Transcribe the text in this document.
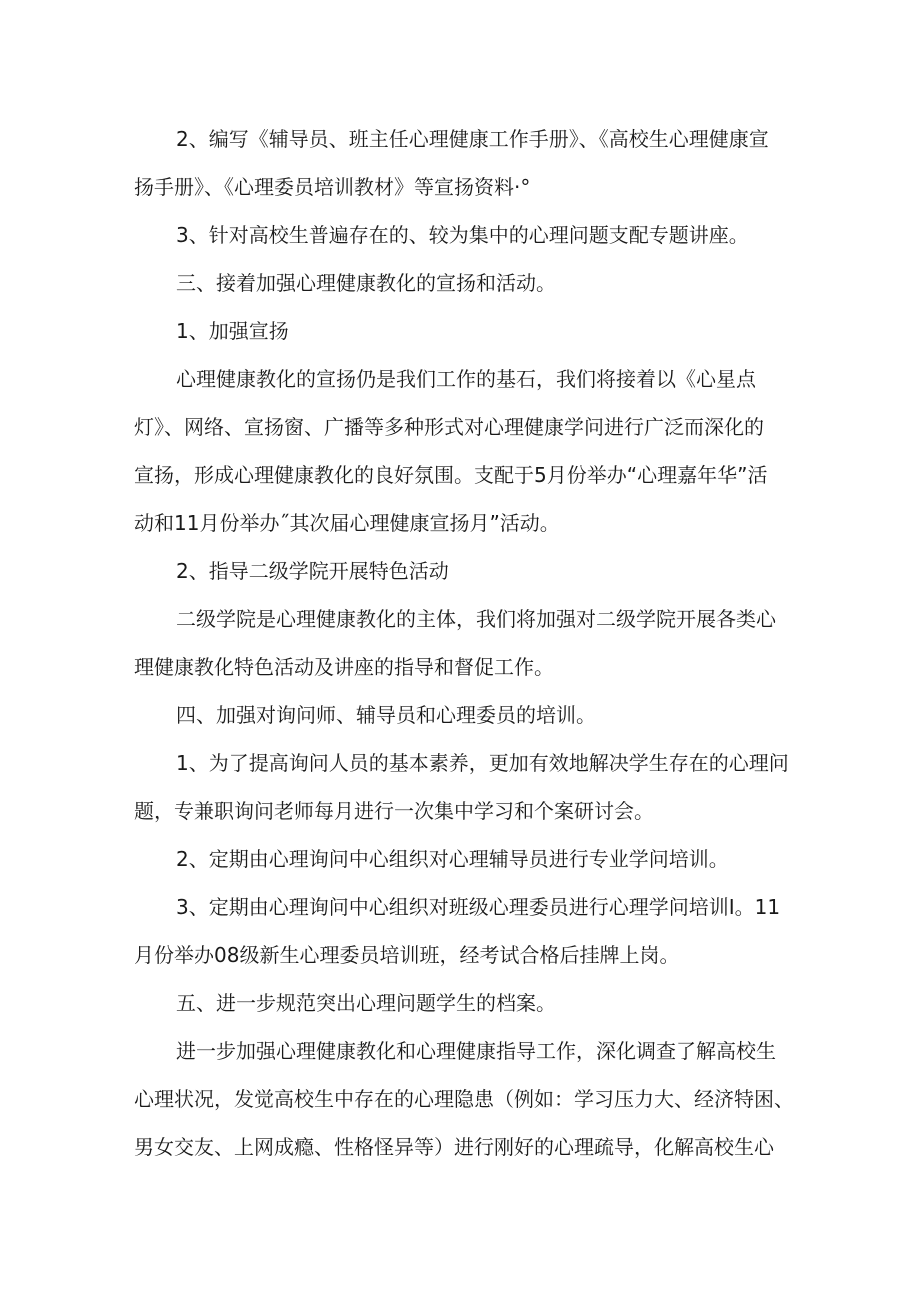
2、编写《辅导员、班主任心理健康工作手册》、《高校生心理健康宣
扬手册》、《心理委员培训教材》等宣扬资料·°
3、针对高校生普遍存在的、较为集中的心理问题支配专题讲座。
三、接着加强心理健康教化的宣扬和活动。
1、加强宣扬
心理健康教化的宣扬仍是我们工作的基石，我们将接着以《心星点
灯》、网络、宣扬窗、广播等多种形式对心理健康学问进行广泛而深化的
宣扬，形成心理健康教化的良好氛围。支配于5月份举办“心理嘉年华”活
动和11月份举办˝其次届心理健康宣扬月”活动。
2、指导二级学院开展特色活动
二级学院是心理健康教化的主体，我们将加强对二级学院开展各类心
理健康教化特色活动及讲座的指导和督促工作。
四、加强对询问师、辅导员和心理委员的培训。
1、为了提高询问人员的基本素养，更加有效地解决学生存在的心理问
题，专兼职询问老师每月进行一次集中学习和个案研讨会。
2、定期由心理询问中心组织对心理辅导员进行专业学问培训。
3、定期由心理询问中心组织对班级心理委员进行心理学问培训I。11
月份举办08级新生心理委员培训班，经考试合格后挂牌上岗。
五、进一步规范突出心理问题学生的档案。
进一步加强心理健康教化和心理健康指导工作，深化调查了解高校生
心理状况，发觉高校生中存在的心理隐患（例如：学习压力大、经济特困、
男女交友、上网成瘾、性格怪异等）进行刚好的心理疏导，化解高校生心
